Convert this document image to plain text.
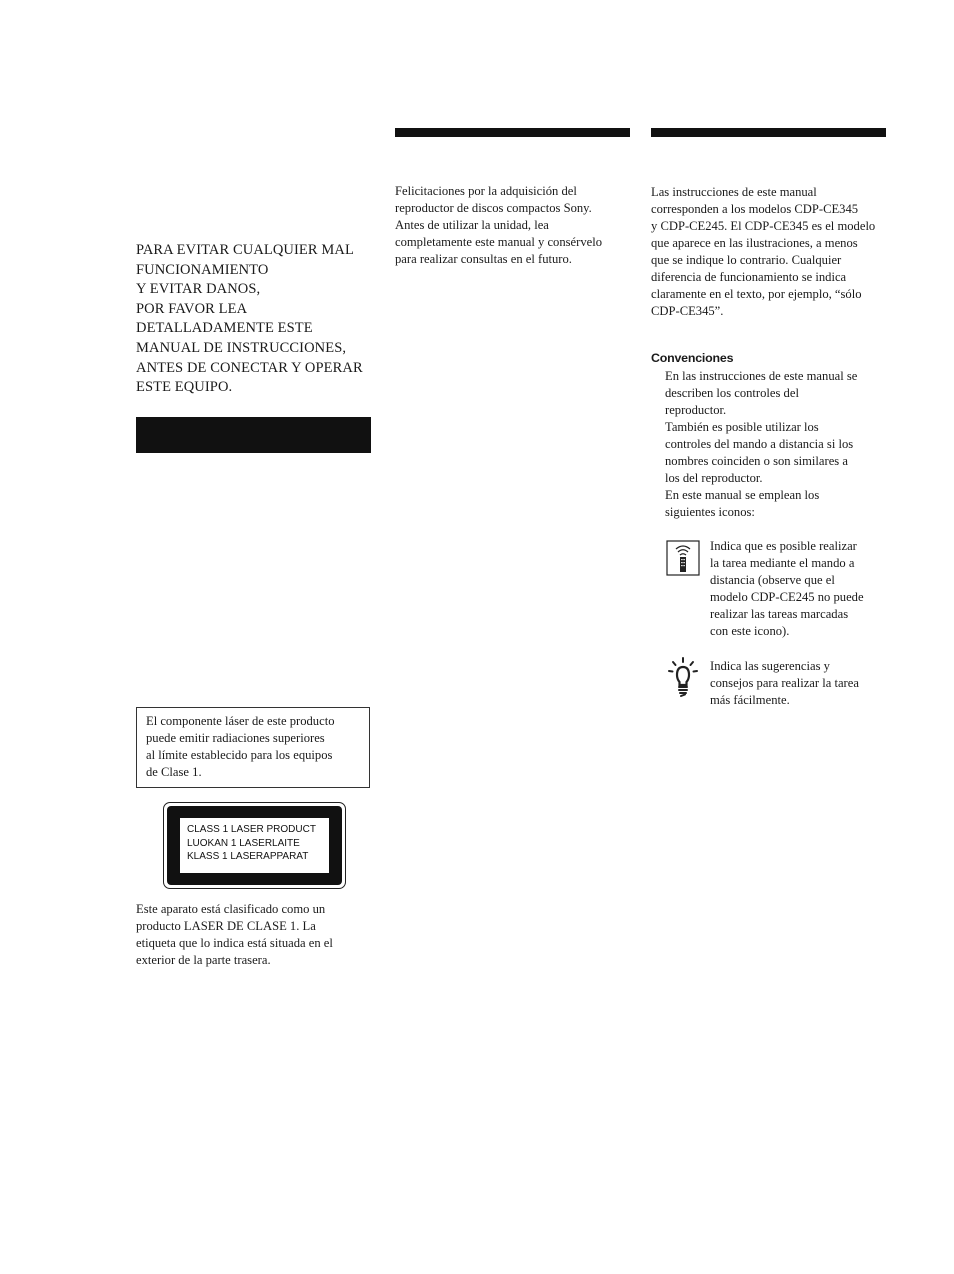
PARA EVITAR CUALQUIER MAL
FUNCIONAMIENTO
Y EVITAR DANOS,
POR FAVOR LEA
DETALLADAMENTE ESTE
MANUAL DE INSTRUCCIONES,
ANTES DE CONECTAR Y OPERAR
ESTE EQUIPO.
El componente láser de este producto
puede emitir radiaciones superiores
al límite establecido para los equipos
de Clase 1.
CLASS 1 LASER PRODUCT
LUOKAN 1 LASERLAITE
KLASS 1 LASERAPPARAT
Este aparato está clasificado como un
producto LASER DE CLASE 1. La
etiqueta que lo indica está situada en el
exterior de la parte trasera.
Felicitaciones por la adquisición del
reproductor de discos compactos Sony.
Antes de utilizar la unidad, lea
completamente este manual y consérvelo
para realizar consultas en el futuro.
Las instrucciones de este manual
corresponden a los modelos CDP-CE345
y CDP-CE245. El CDP-CE345 es el modelo
que aparece en las ilustraciones, a menos
que se indique lo contrario. Cualquier
diferencia de funcionamiento se indica
claramente en el texto, por ejemplo, “sólo
CDP-CE345”.
Convenciones
En las instrucciones de este manual se
describen los controles del
reproductor.
También es posible utilizar los
controles del mando a distancia si los
nombres coinciden o son similares a
los del reproductor.
En este manual se emplean los
siguientes iconos:
Indica que es posible realizar
la tarea mediante el mando a
distancia (observe que el
modelo CDP-CE245 no puede
realizar las tareas marcadas
con este icono).
Indica las sugerencias y
consejos para realizar la tarea
más fácilmente.
